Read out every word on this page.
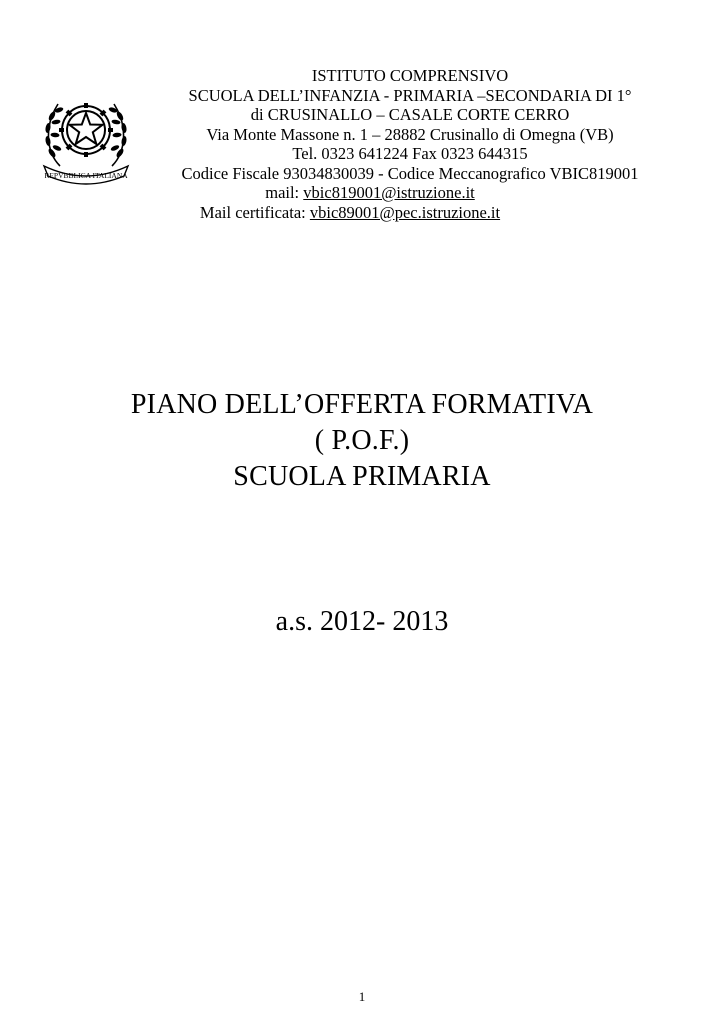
REPVBBLICA ITALIANA
ISTITUTO COMPRENSIVO
SCUOLA DELL’INFANZIA - PRIMARIA –SECONDARIA DI 1°
di CRUSINALLO – CASALE CORTE CERRO
Via Monte Massone n. 1 – 28882 Crusinallo di Omegna (VB)
Tel. 0323 641224 Fax 0323 644315
Codice Fiscale 93034830039 - Codice Meccanografico VBIC819001
mail: vbic819001@istruzione.it
Mail certificata: vbic89001@pec.istruzione.it
PIANO DELL’OFFERTA FORMATIVA
( P.O.F.)
SCUOLA PRIMARIA
a.s. 2012- 2013
1
